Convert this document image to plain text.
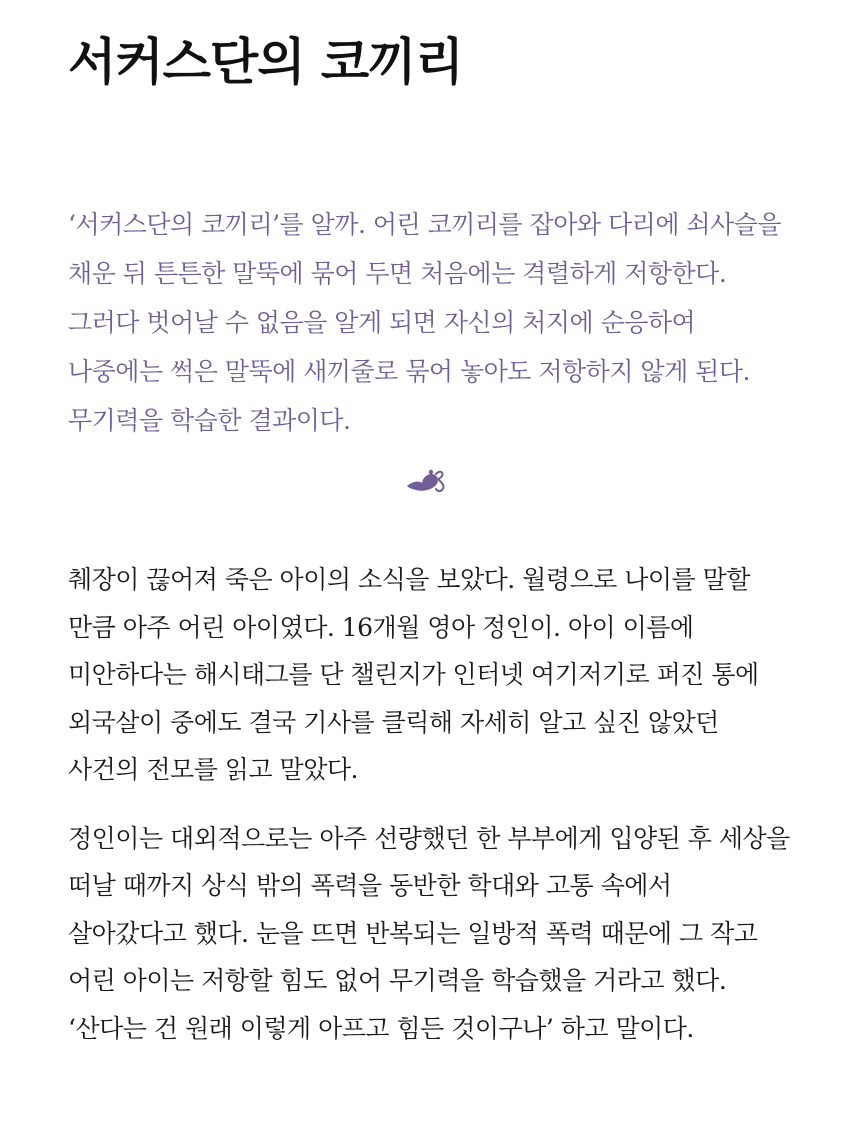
서커스단의 코끼리

‘서커스단의 코끼리’를 알까. 어린 코끼리를 잡아와 다리에 쇠사슬을 채운 뒤 튼튼한 말뚝에 묶어 두면 처음에는 격렬하게 저항한다. 그러다 벗어날 수 없음을 알게 되면 자신의 처지에 순응하여 나중에는 썩은 말뚝에 새끼줄로 묶어 놓아도 저항하지 않게 된다. 무기력을 학습한 결과이다.

췌장이 끊어져 죽은 아이의 소식을 보았다. 월령으로 나이를 말할 만큼 아주 어린 아이였다. 16개월 영아 정인이. 아이 이름에 미안하다는 해시태그를 단 챌린지가 인터넷 여기저기로 퍼진 통에 외국살이 중에도 결국 기사를 클릭해 자세히 알고 싶진 않았던 사건의 전모를 읽고 말았다.

정인이는 대외적으로는 아주 선량했던 한 부부에게 입양된 후 세상을 떠날 때까지 상식 밖의 폭력을 동반한 학대와 고통 속에서 살아갔다고 했다. 눈을 뜨면 반복되는 일방적 폭력 때문에 그 작고 어린 아이는 저항할 힘도 없어 무기력을 학습했을 거라고 했다. ‘산다는 건 원래 이렇게 아프고 힘든 것이구나’ 하고 말이다.
